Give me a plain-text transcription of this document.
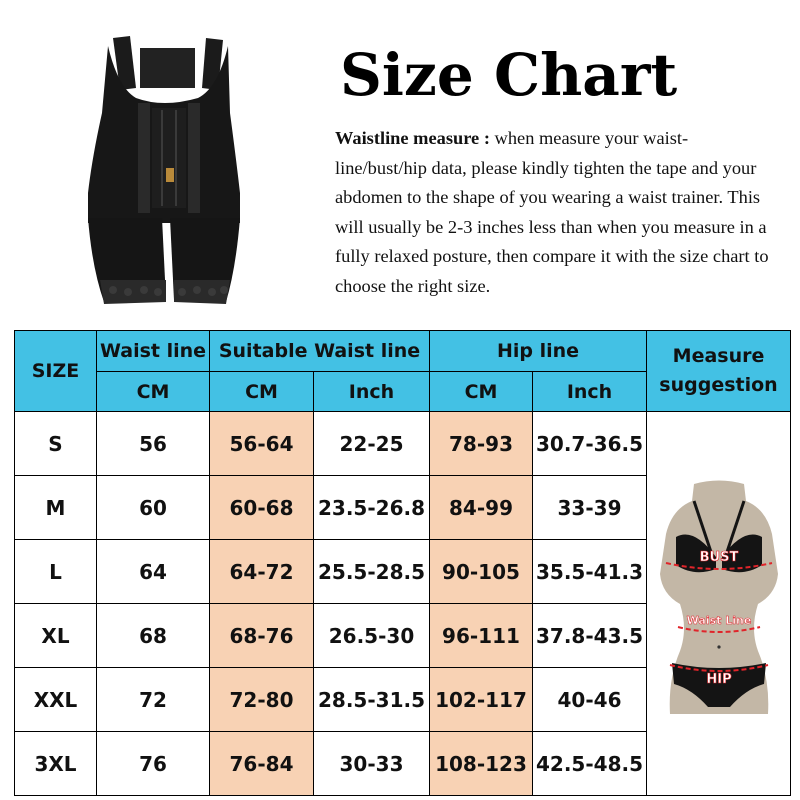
Size Chart
Waistline measure : when measure your waist-line/bust/hip data, please kindly tighten the tape and your abdomen to the shape of you wearing a waist trainer. This will usually be 2-3 inches less than when you measure in a fully relaxed posture, then compare it with the size chart to choose the right size.
SIZE	Waist line	Suitable Waist line		Hip line		Measure suggestion
	CM	CM	Inch	CM	Inch	
S	56	56-64	22-25	78-93	30.7-36.5	BUST
Waist Line
HIP

M	60	60-68	23.5-26.8	84-99	33-39	
L	64	64-72	25.5-28.5	90-105	35.5-41.3	
XL	68	68-76	26.5-30	96-111	37.8-43.5	
XXL	72	72-80	28.5-31.5	102-117	40-46	
3XL	76	76-84	30-33	108-123	42.5-48.5	
